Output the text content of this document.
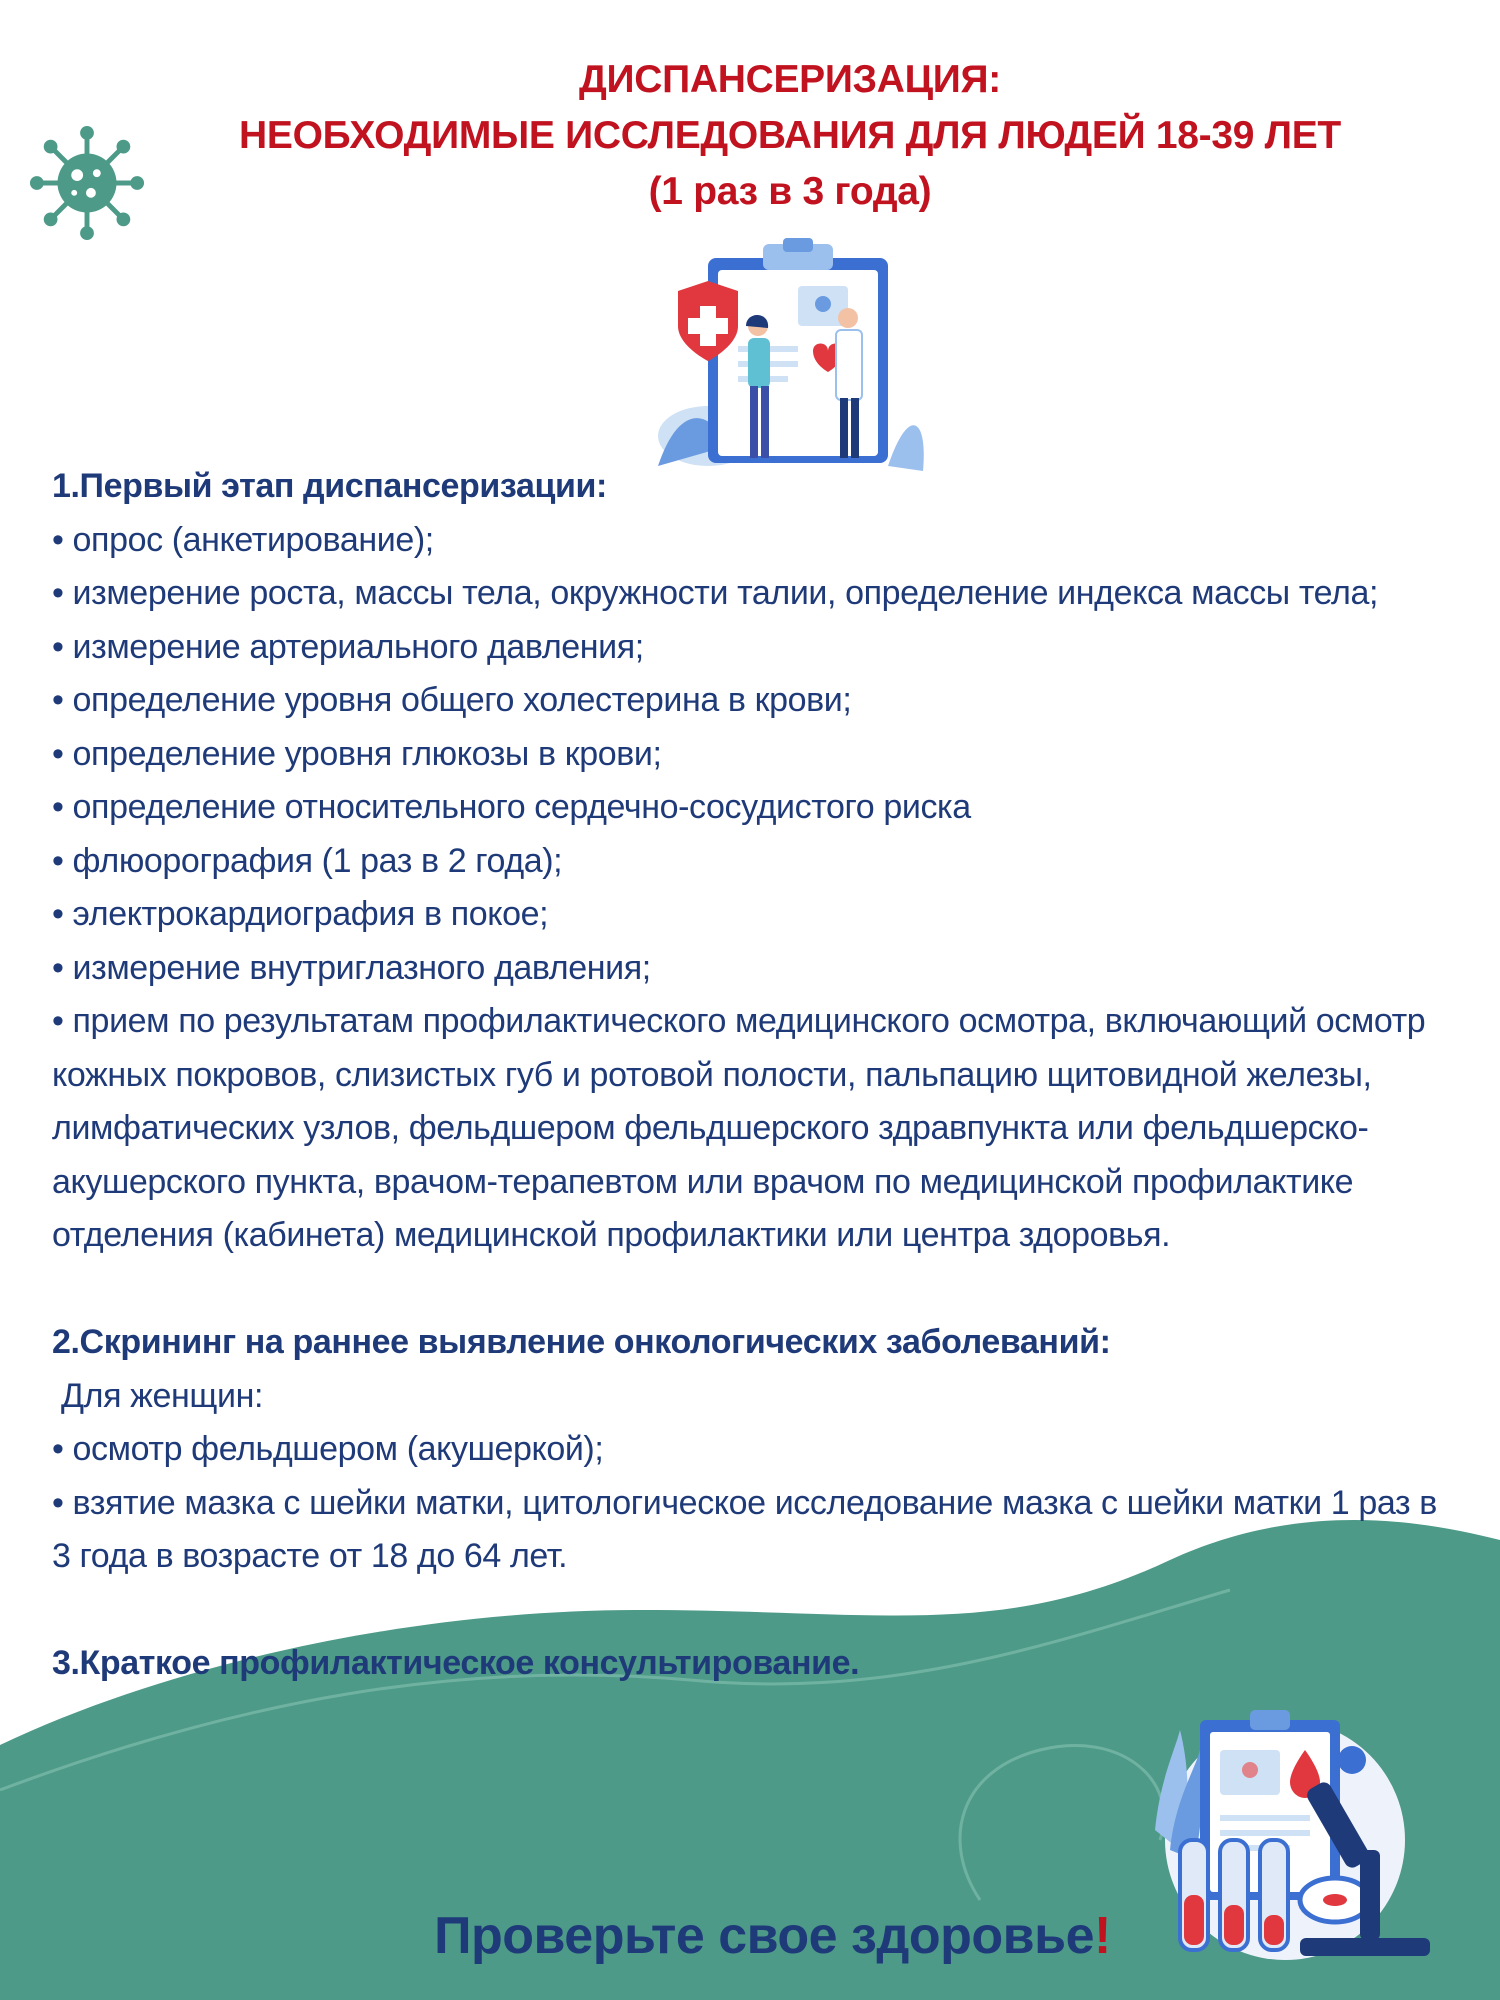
ДИСПАНСЕРИЗАЦИЯ:
НЕОБХОДИМЫЕ ИССЛЕДОВАНИЯ ДЛЯ ЛЮДЕЙ 18-39 ЛЕТ
(1 раз в 3 года)
1.Первый этап диспансеризации:
• опрос (анкетирование);
• измерение роста, массы тела, окружности талии, определение индекса массы тела;
• измерение артериального давления;
• определение уровня общего холестерина в крови;
• определение уровня глюкозы в крови;
• определение относительного сердечно-сосудистого риска
• флюорография (1 раз в 2 года);
• электрокардиография в покое;
• измерение внутриглазного давления;
• прием по результатам профилактического медицинского осмотра, включающий осмотр кожных покровов, слизистых губ и ротовой полости, пальпацию щитовидной железы, лимфатических узлов, фельдшером фельдшерского здравпункта или фельдшерско-акушерского пункта, врачом-терапевтом или врачом по медицинской профилактике отделения (кабинета) медицинской профилактики или центра здоровья.
2.Скрининг на раннее выявление онкологических заболеваний:
Для женщин:
• осмотр фельдшером (акушеркой);
• взятие мазка с шейки матки, цитологическое исследование мазка с шейки матки 1 раз в 3 года в возрасте от 18 до 64 лет.
3.Краткое профилактическое консультирование.
Проверьте свое здоровье!
